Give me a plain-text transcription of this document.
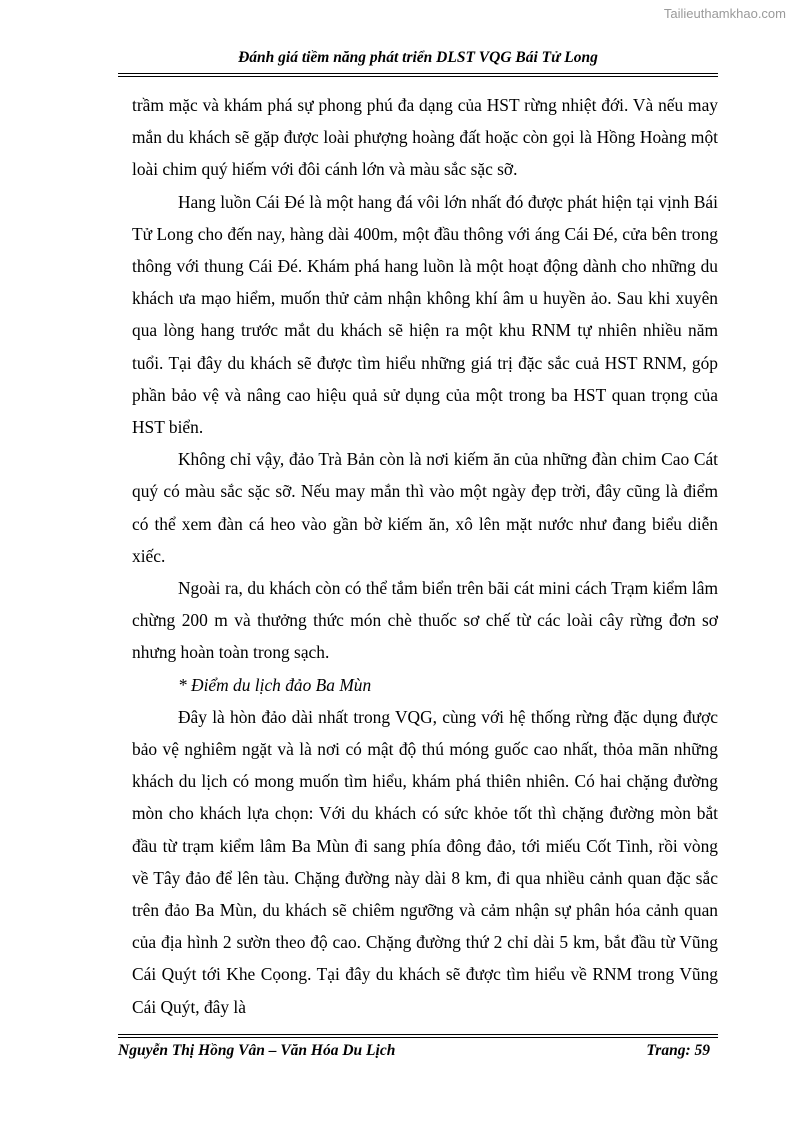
Tailieuthamkhao.com
Đánh giá tiềm năng phát triển DLST VQG Bái Tử Long

trầm mặc và khám phá sự phong phú đa dạng của HST rừng nhiệt đới. Và nếu may mắn du khách sẽ gặp được loài phượng hoàng đất hoặc còn gọi là Hồng Hoàng một loài chim quý hiếm với đôi cánh lớn và màu sắc sặc sỡ.

Hang luồn Cái Đé là một hang đá vôi lớn nhất đó được phát hiện tại vịnh Bái Tử Long cho đến nay, hàng dài 400m, một đầu thông với áng Cái Đé, cửa bên trong thông với thung Cái Đé. Khám phá hang luồn là một hoạt động dành cho những du khách ưa mạo hiểm, muốn thử cảm nhận không khí âm u huyền ảo. Sau khi xuyên qua lòng hang trước mắt du khách sẽ hiện ra một khu RNM tự nhiên nhiều năm tuổi. Tại đây du khách sẽ được tìm hiểu những giá trị đặc sắc cuả HST RNM, góp phần bảo vệ và nâng cao hiệu quả sử dụng của một trong ba HST quan trọng của HST biển.

Không chỉ vậy, đảo Trà Bản còn là nơi kiếm ăn của những đàn chim Cao Cát quý có màu sắc sặc sỡ. Nếu may mắn thì vào một ngày đẹp trời, đây cũng là điểm có thể xem đàn cá heo vào gần bờ kiếm ăn, xô lên mặt nước như đang biểu diễn xiếc.

Ngoài ra, du khách còn có thể tắm biển trên bãi cát mini cách Trạm kiểm lâm chừng 200 m và thưởng thức món chè thuốc sơ chế từ các loài cây rừng đơn sơ nhưng hoàn toàn trong sạch.

* Điểm du lịch đảo Ba Mùn

Đây là hòn đảo dài nhất trong VQG, cùng với hệ thống rừng đặc dụng được bảo vệ nghiêm ngặt và là nơi có mật độ thú móng guốc cao nhất, thỏa mãn những khách du lịch có mong muốn tìm hiểu, khám phá thiên nhiên. Có hai chặng đường mòn cho khách lựa chọn: Với du khách có sức khỏe tốt thì chặng đường mòn bắt đầu từ trạm kiểm lâm Ba Mùn đi sang phía đông đảo, tới miếu Cốt Tinh, rồi vòng về Tây đảo để lên tàu. Chặng đường này dài 8 km, đi qua nhiều cảnh quan đặc sắc trên đảo Ba Mùn, du khách sẽ chiêm ngưỡng và cảm nhận sự phân hóa cảnh quan của địa hình 2 sườn theo độ cao. Chặng đường thứ 2 chỉ dài 5 km, bắt đầu từ Vũng Cái Quýt tới Khe Cọong. Tại đây du khách sẽ được tìm hiểu về RNM trong Vũng Cái Quýt, đây là

Nguyễn Thị Hồng Vân – Văn Hóa Du Lịch	Trang: 59
